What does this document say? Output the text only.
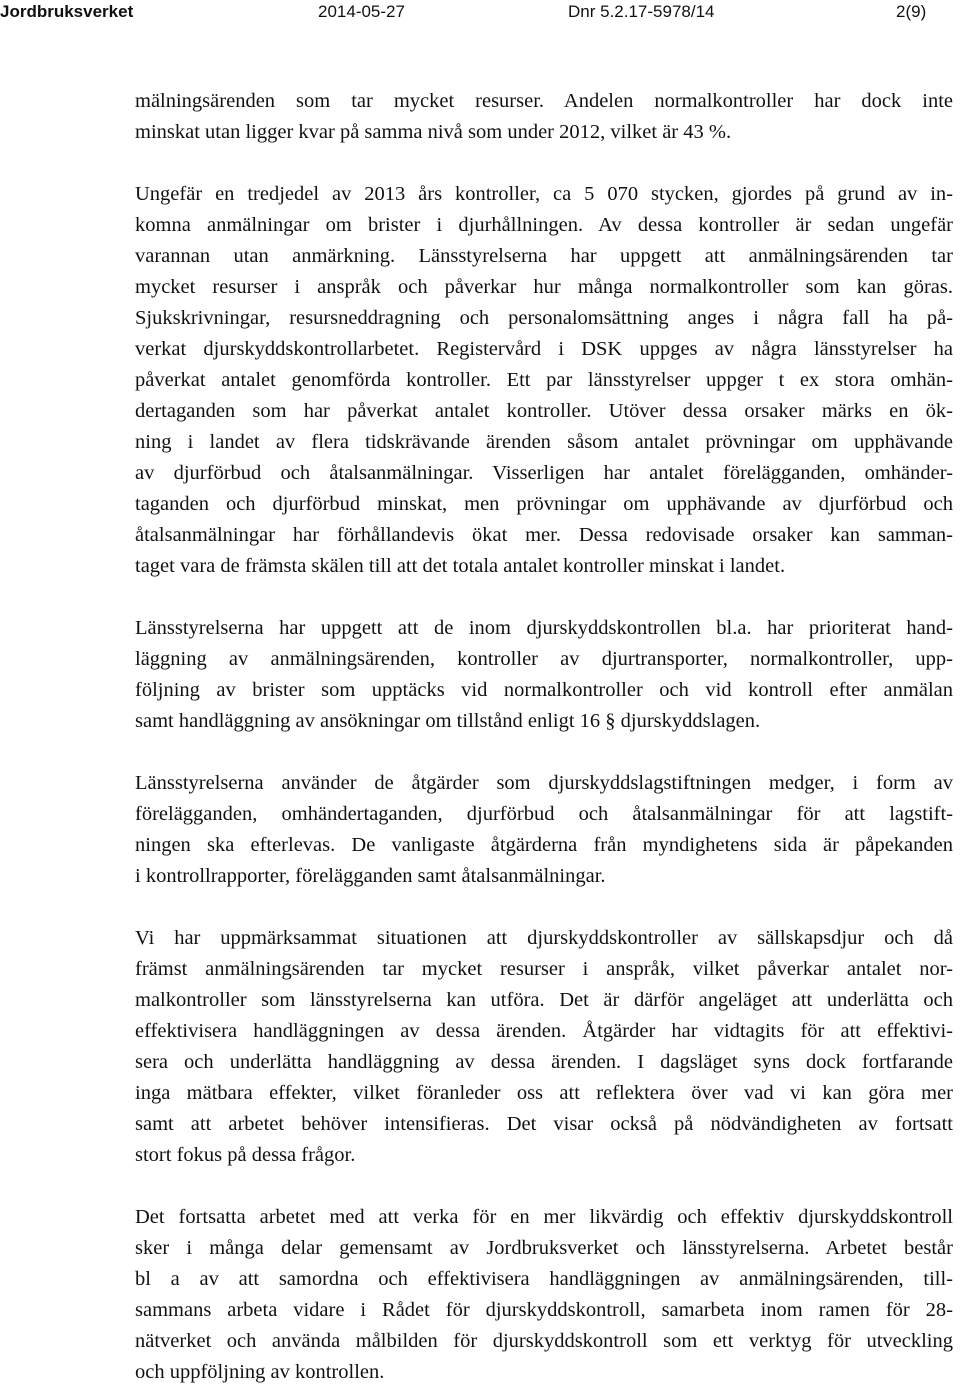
Jordbruksverket	2014-05-27	Dnr 5.2.17-5978/14	2(9)

mälningsärenden som tar mycket resurser. Andelen normalkontroller har dock inte
minskat utan ligger kvar på samma nivå som under 2012, vilket är 43 %.

Ungefär en tredjedel av 2013 års kontroller, ca 5 070 stycken, gjordes på grund av in-
komna anmälningar om brister i djurhållningen. Av dessa kontroller är sedan ungefär
varannan utan anmärkning. Länsstyrelserna har uppgett att anmälningsärenden tar
mycket resurser i anspråk och påverkar hur många normalkontroller som kan göras.
Sjukskrivningar, resursneddragning och personalomsättning anges i några fall ha på-
verkat djurskyddskontrollarbetet. Registervård i DSK uppges av några länsstyrelser ha
påverkat antalet genomförda kontroller. Ett par länsstyrelser uppger t ex stora omhän-
dertaganden som har påverkat antalet kontroller. Utöver dessa orsaker märks en ök-
ning i landet av flera tidskrävande ärenden såsom antalet prövningar om upphävande
av djurförbud och åtalsanmälningar. Visserligen har antalet förelägganden, omhänder-
taganden och djurförbud minskat, men prövningar om upphävande av djurförbud och
åtalsanmälningar har förhållandevis ökat mer. Dessa redovisade orsaker kan samman-
taget vara de främsta skälen till att det totala antalet kontroller minskat i landet.

Länsstyrelserna har uppgett att de inom djurskyddskontrollen bl.a. har prioriterat hand-
läggning av anmälningsärenden, kontroller av djurtransporter, normalkontroller, upp-
följning av brister som upptäcks vid normalkontroller och vid kontroll efter anmälan
samt handläggning av ansökningar om tillstånd enligt 16 § djurskyddslagen.

Länsstyrelserna använder de åtgärder som djurskyddslagstiftningen medger, i form av
förelägganden, omhändertaganden, djurförbud och åtalsanmälningar för att lagstift-
ningen ska efterlevas. De vanligaste åtgärderna från myndighetens sida är påpekanden
i kontrollrapporter, förelägganden samt åtalsanmälningar.

Vi har uppmärksammat situationen att djurskyddskontroller av sällskapsdjur och då
främst anmälningsärenden tar mycket resurser i anspråk, vilket påverkar antalet nor-
malkontroller som länsstyrelserna kan utföra. Det är därför angeläget att underlätta och
effektivisera handläggningen av dessa ärenden. Åtgärder har vidtagits för att effektivi-
sera och underlätta handläggning av dessa ärenden. I dagsläget syns dock fortfarande
inga mätbara effekter, vilket föranleder oss att reflektera över vad vi kan göra mer
samt att arbetet behöver intensifieras. Det visar också på nödvändigheten av fortsatt
stort fokus på dessa frågor.

Det fortsatta arbetet med att verka för en mer likvärdig och effektiv djurskyddskontroll
sker i många delar gemensamt av Jordbruksverket och länsstyrelserna. Arbetet består
bl a av att samordna och effektivisera handläggningen av anmälningsärenden, till-
sammans arbeta vidare i Rådet för djurskyddskontroll, samarbeta inom ramen för 28-
nätverket och använda målbilden för djurskyddskontroll som ett verktyg för utveckling
och uppföljning av kontrollen.
